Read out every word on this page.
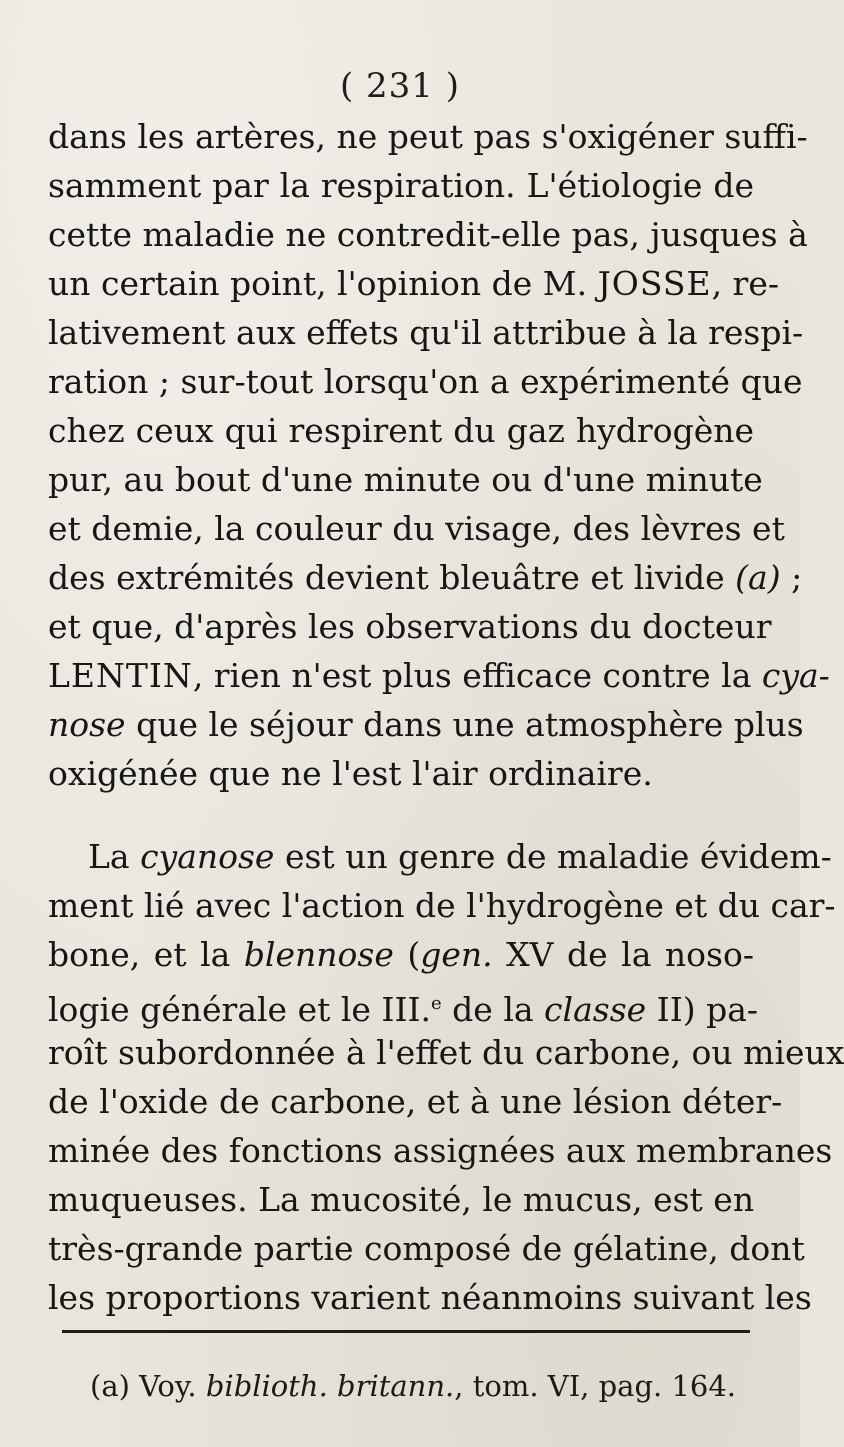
( 231 )
dans les artères, ne peut pas s'oxigéner suffi-
samment par la respiration. L'étiologie de
cette maladie ne contredit-elle pas, jusques à
un certain point, l'opinion de M. JOSSE, re-
lativement aux effets qu'il attribue à la respi-
ration ; sur-tout lorsqu'on a expérimenté que
chez ceux qui respirent du gaz hydrogène
pur, au bout d'une minute ou d'une minute
et demie, la couleur du visage, des lèvres et
des extrémités devient bleuâtre et livide (a) ;
et que, d'après les observations du docteur
LENTIN, rien n'est plus efficace contre la cya-
nose que le séjour dans une atmosphère plus
oxigénée que ne l'est l'air ordinaire.
La cyanose est un genre de maladie évidem-
ment lié avec l'action de l'hydrogène et du car-
bone, et la blennose (gen. XV de la noso-
logie générale et le III.$^e$ de la classe II) pa-
roît subordonnée à l'effet du carbone, ou mieux
de l'oxide de carbone, et à une lésion déter-
minée des fonctions assignées aux membranes
muqueuses. La mucosité, le mucus, est en
très-grande partie composé de gélatine, dont
les proportions varient néanmoins suivant les
(a) Voy. biblioth. britann., tom. VI, pag. 164.
